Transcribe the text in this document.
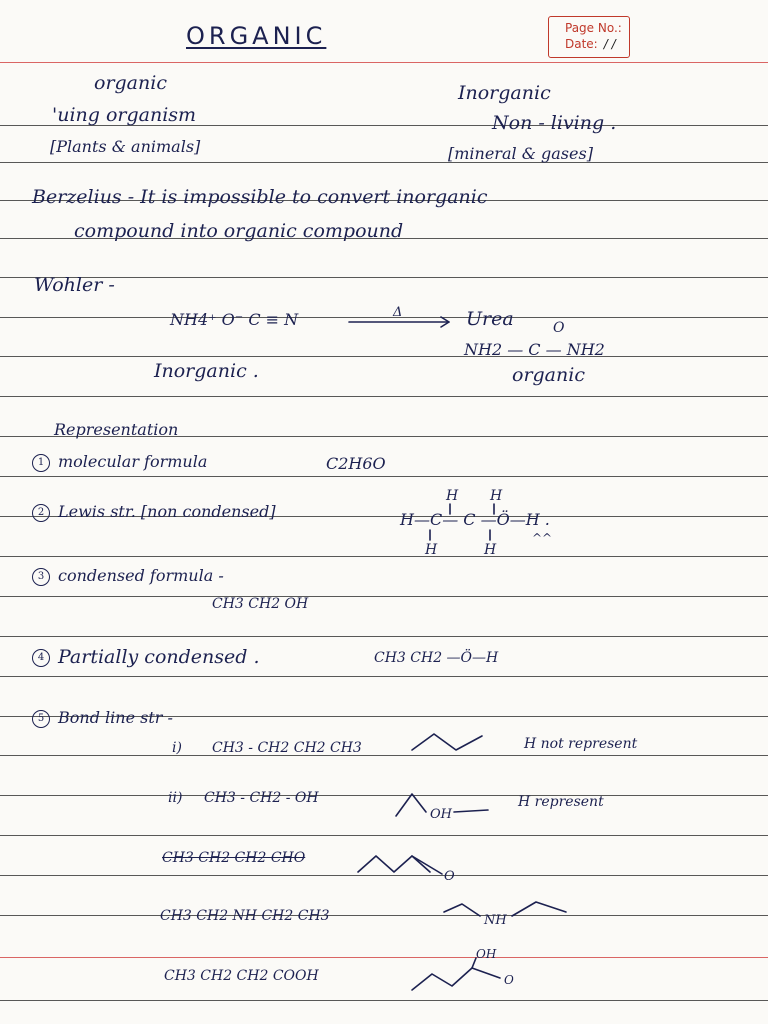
ORGANIC	Page No.:
Date: / /
organic
'uing organism
[Plants & animals]
Inorganic
Non - living .
[mineral & gases]
Berzelius - It is impossible to convert inorganic
compound into organic compound
Wohler -
NH4⁺ O⁻ C ≡ N	Δ	Urea	O
NH2 — C — NH2
Inorganic .	organic
Representation
1 molecular formula	C2H6O
2 Lewis str. [non condensed]
H H
H—C— C —Ö—H .
H	H
^^
3 condensed formula -
CH3 CH2 OH
4 Partially condensed .	CH3 CH2 —Ö—H
5 Bond line str -
i) CH3 - CH2 CH2 CH3	H not represent
ii) CH3 - CH2 - OH
OH
H represent
CH3 CH2 CH2 CHO
O
CH3 CH2 NH CH2 CH3	NH
CH3 CH2 CH2 COOH
OH
O
